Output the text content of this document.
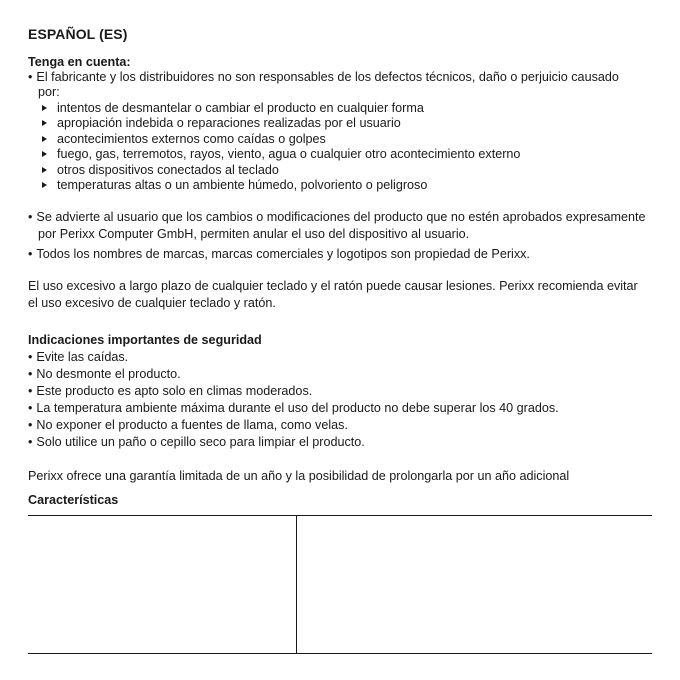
ESPAÑOL (ES)
Tenga en cuenta:
• El fabricante y los distribuidores no son responsables de los defectos técnicos, daño o perjuicio causado
por:
intentos de desmantelar o cambiar el producto en cualquier forma
apropiación indebida o reparaciones realizadas por el usuario
acontecimientos externos como caídas o golpes
fuego, gas, terremotos, rayos, viento, agua o cualquier otro acontecimiento externo
otros dispositivos conectados al teclado
temperaturas altas o un ambiente húmedo, polvoriento o peligroso
• Se advierte al usuario que los cambios o modificaciones del producto que no estén aprobados expresamente
por Perixx Computer GmbH, permiten anular el uso del dispositivo al usuario.
• Todos los nombres de marcas, marcas comerciales y logotipos son propiedad de Perixx.
El uso excesivo a largo plazo de cualquier teclado y el ratón puede causar lesiones. Perixx recomienda evitar
el uso excesivo de cualquier teclado y ratón.
Indicaciones importantes de seguridad
• Evite las caídas.
• No desmonte el producto.
• Este producto es apto solo en climas moderados.
• La temperatura ambiente máxima durante el uso del producto no debe superar los 40 grados.
• No exponer el producto a fuentes de llama, como velas.
• Solo utilice un paño o cepillo seco para limpiar el producto.
Perixx ofrece una garantía limitada de un año y la posibilidad de prolongarla por un año adicional
Características
